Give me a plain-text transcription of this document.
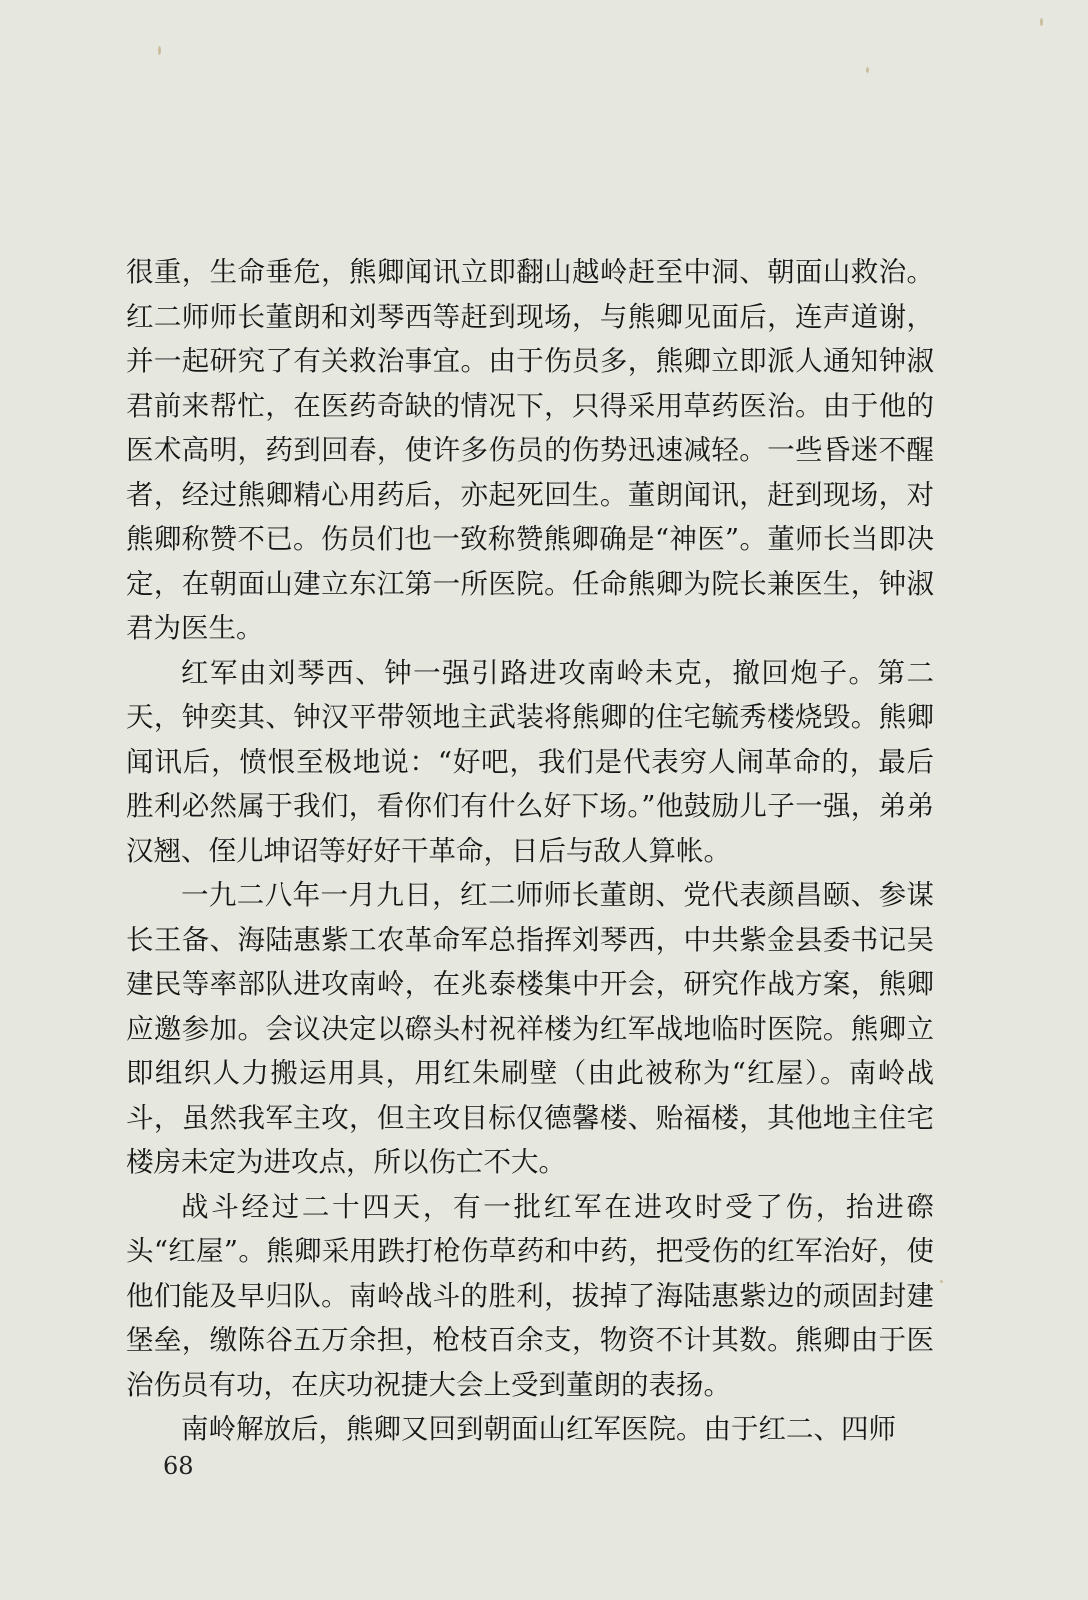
很重，生命垂危，熊卿闻讯立即翻山越岭赶至中洞、朝面山救治。红二师师长董朗和刘琴西等赶到现场，与熊卿见面后，连声道谢，并一起研究了有关救治事宜。由于伤员多，熊卿立即派人通知钟淑君前来帮忙，在医药奇缺的情况下，只得采用草药医治。由于他的医术高明，药到回春，使许多伤员的伤势迅速减轻。一些昏迷不醒者，经过熊卿精心用药后，亦起死回生。董朗闻讯，赶到现场，对熊卿称赞不已。伤员们也一致称赞熊卿确是“神医”。董师长当即决定，在朝面山建立东江第一所医院。任命熊卿为院长兼医生，钟淑君为医生。

红军由刘琴西、钟一强引路进攻南岭未克，撤回炮子。第二天，钟奕其、钟汉平带领地主武装将熊卿的住宅毓秀楼烧毁。熊卿闻讯后，愤恨至极地说：“好吧，我们是代表穷人闹革命的，最后胜利必然属于我们，看你们有什么好下场。”他鼓励儿子一强，弟弟汉翘、侄儿坤诏等好好干革命，日后与敌人算帐。

一九二八年一月九日，红二师师长董朗、党代表颜昌颐、参谋长王备、海陆惠紫工农革命军总指挥刘琴西，中共紫金县委书记吴建民等率部队进攻南岭，在兆泰楼集中开会，研究作战方案，熊卿应邀参加。会议决定以磜头村祝祥楼为红军战地临时医院。熊卿立即组织人力搬运用具，用红朱刷壁（由此被称为“红屋）。南岭战斗，虽然我军主攻，但主攻目标仅德馨楼、贻福楼，其他地主住宅楼房未定为进攻点，所以伤亡不大。

战斗经过二十四天，有一批红军在进攻时受了伤，抬进磜头“红屋”。熊卿采用跌打枪伤草药和中药，把受伤的红军治好，使他们能及早归队。南岭战斗的胜利，拔掉了海陆惠紫边的顽固封建堡垒，缴陈谷五万余担，枪枝百余支，物资不计其数。熊卿由于医治伤员有功，在庆功祝捷大会上受到董朗的表扬。

南岭解放后，熊卿又回到朝面山红军医院。由于红二、四师

68
